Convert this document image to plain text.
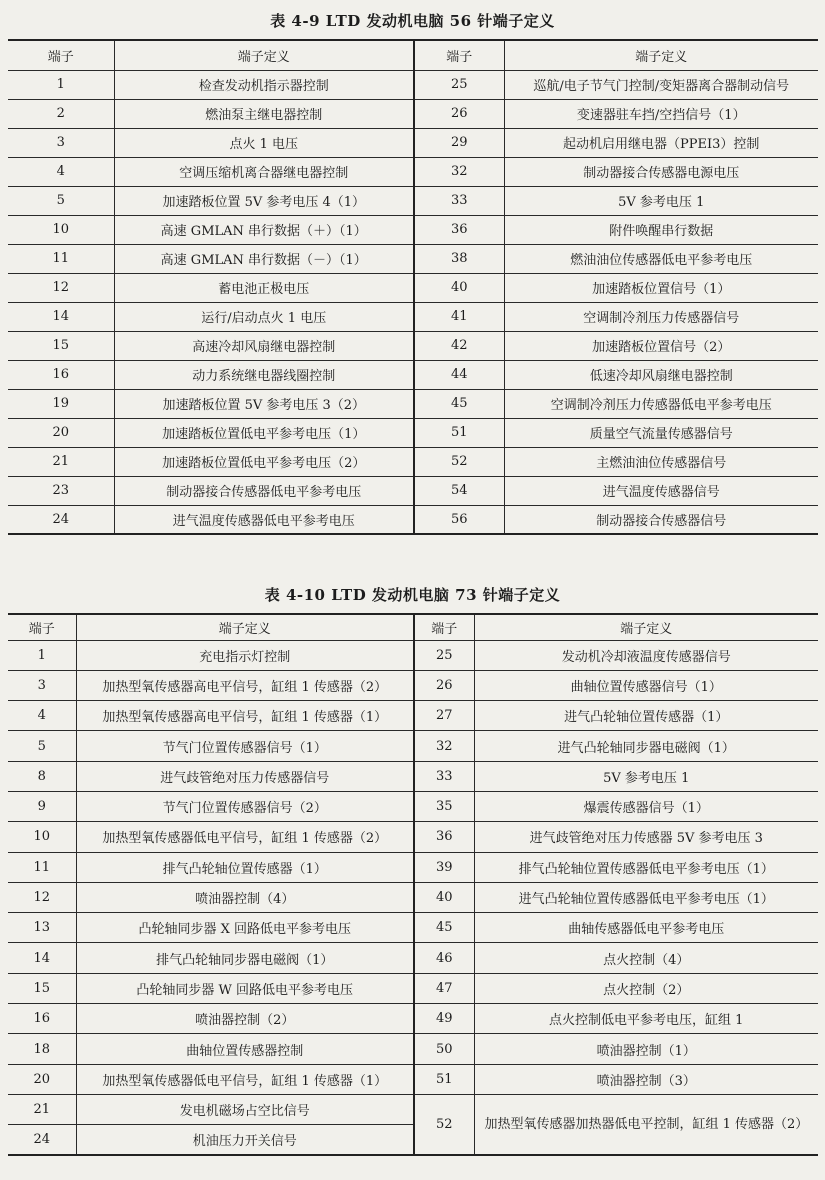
表 4-9 LTD 发动机电脑 56 针端子定义
端子	端子定义	端子	端子定义
1	检查发动机指示器控制	25	巡航/电子节气门控制/变矩器离合器制动信号
2	燃油泵主继电器控制	26	变速器驻车挡/空挡信号（1）
3	点火 1 电压	29	起动机启用继电器（PPEI3）控制
4	空调压缩机离合器继电器控制	32	制动器接合传感器电源电压
5	加速踏板位置 5V 参考电压 4（1）	33	5V 参考电压 1
10	高速 GMLAN 串行数据（＋）（1）	36	附件唤醒串行数据
11	高速 GMLAN 串行数据（－）（1）	38	燃油油位传感器低电平参考电压
12	蓄电池正极电压	40	加速踏板位置信号（1）
14	运行/启动点火 1 电压	41	空调制冷剂压力传感器信号
15	高速冷却风扇继电器控制	42	加速踏板位置信号（2）
16	动力系统继电器线圈控制	44	低速冷却风扇继电器控制
19	加速踏板位置 5V 参考电压 3（2）	45	空调制冷剂压力传感器低电平参考电压
20	加速踏板位置低电平参考电压（1）	51	质量空气流量传感器信号
21	加速踏板位置低电平参考电压（2）	52	主燃油油位传感器信号
23	制动器接合传感器低电平参考电压	54	进气温度传感器信号
24	进气温度传感器低电平参考电压	56	制动器接合传感器信号
表 4-10 LTD 发动机电脑 73 针端子定义
端子	端子定义	端子	端子定义
1	充电指示灯控制	25	发动机冷却液温度传感器信号
3	加热型氧传感器高电平信号，缸组 1 传感器（2）	26	曲轴位置传感器信号（1）
4	加热型氧传感器高电平信号，缸组 1 传感器（1）	27	进气凸轮轴位置传感器（1）
5	节气门位置传感器信号（1）	32	进气凸轮轴同步器电磁阀（1）
8	进气歧管绝对压力传感器信号	33	5V 参考电压 1
9	节气门位置传感器信号（2）	35	爆震传感器信号（1）
10	加热型氧传感器低电平信号，缸组 1 传感器（2）	36	进气歧管绝对压力传感器 5V 参考电压 3
11	排气凸轮轴位置传感器（1）	39	排气凸轮轴位置传感器低电平参考电压（1）
12	喷油器控制（4）	40	进气凸轮轴位置传感器低电平参考电压（1）
13	凸轮轴同步器 X 回路低电平参考电压	45	曲轴传感器低电平参考电压
14	排气凸轮轴同步器电磁阀（1）	46	点火控制（4）
15	凸轮轴同步器 W 回路低电平参考电压	47	点火控制（2）
16	喷油器控制（2）	49	点火控制低电平参考电压，缸组 1
18	曲轴位置传感器控制	50	喷油器控制（1）
20	加热型氧传感器低电平信号，缸组 1 传感器（1）	51	喷油器控制（3）
21	发电机磁场占空比信号	52	加热型氧传感器加热器低电平控制，缸组 1 传感器（2）
24	机油压力开关信号		
